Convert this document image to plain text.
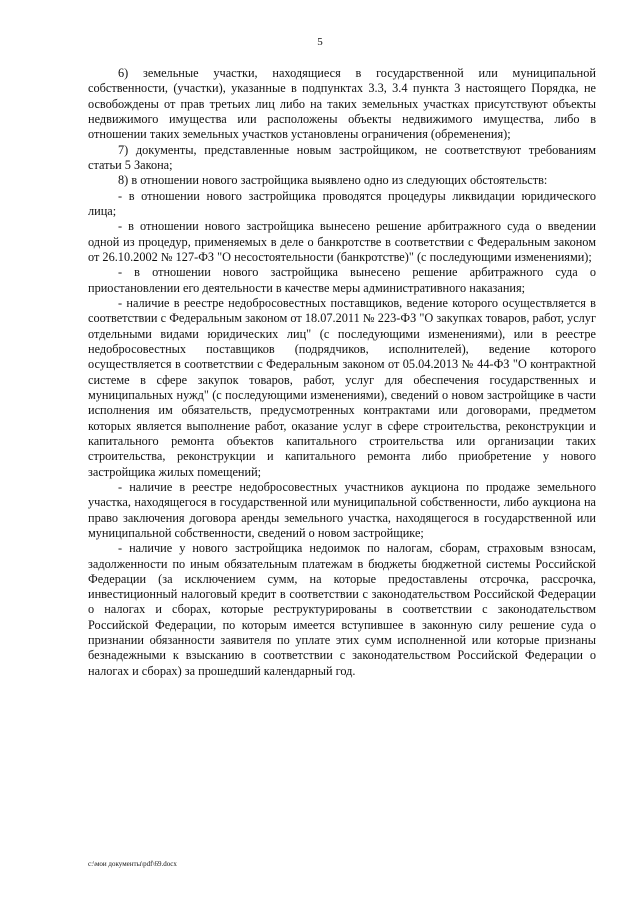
5

6) земельные участки, находящиеся в государственной или муниципальной собственности, (участки), указанные в подпунктах 3.3, 3.4 пункта 3 настоящего Порядка, не освобождены от прав третьих лиц либо на таких земельных участках присутствуют объекты недвижимого имущества или расположены объекты недвижимого имущества, либо в отношении таких земельных участков установлены ограничения (обременения);

7) документы, представленные новым застройщиком, не соответствуют требованиям статьи 5 Закона;

8) в отношении нового застройщика выявлено одно из следующих обстоятельств:

- в отношении нового застройщика проводятся процедуры ликвидации юридического лица;

- в отношении нового застройщика вынесено решение арбитражного суда о введении одной из процедур, применяемых в деле о банкротстве в соответствии с Федеральным законом от 26.10.2002 № 127-ФЗ "О несостоятельности (банкротстве)" (с последующими изменениями);

- в отношении нового застройщика вынесено решение арбитражного суда о приостановлении его деятельности в качестве меры административного наказания;

- наличие в реестре недобросовестных поставщиков, ведение которого осуществляется в соответствии с Федеральным законом от 18.07.2011 № 223-ФЗ "О закупках товаров, работ, услуг отдельными видами юридических лиц" (с последующими изменениями), или в реестре недобросовестных поставщиков (подрядчиков, исполнителей), ведение которого осуществляется в соответствии с Федеральным законом от 05.04.2013 № 44-ФЗ "О контрактной системе в сфере закупок товаров, работ, услуг для обеспечения государственных и муниципальных нужд" (с последующими изменениями), сведений о новом застройщике в части исполнения им обязательств, предусмотренных контрактами или договорами, предметом которых является выполнение работ, оказание услуг в сфере строительства, реконструкции и капитального ремонта объектов капитального строительства или организации таких строительства, реконструкции и капитального ремонта либо приобретение у нового застройщика жилых помещений;

- наличие в реестре недобросовестных участников аукциона по продаже земельного участка, находящегося в государственной или муниципальной собственности, либо аукциона на право заключения договора аренды земельного участка, находящегося в государственной или муниципальной собственности, сведений о новом застройщике;

- наличие у нового застройщика недоимок по налогам, сборам, страховым взносам, задолженности по иным обязательным платежам в бюджеты бюджетной системы Российской Федерации (за исключением сумм, на которые предоставлены отсрочка, рассрочка, инвестиционный налоговый кредит в соответствии с законодательством Российской Федерации о налогах и сборах, которые реструктурированы в соответствии с законодательством Российской Федерации, по которым имеется вступившее в законную силу решение суда о признании обязанности заявителя по уплате этих сумм исполненной или которые признаны безнадежными к взысканию в соответствии с законодательством Российской Федерации о налогах и сборах) за прошедший календарный год.

c:\мои документы\pdf\69.docx
